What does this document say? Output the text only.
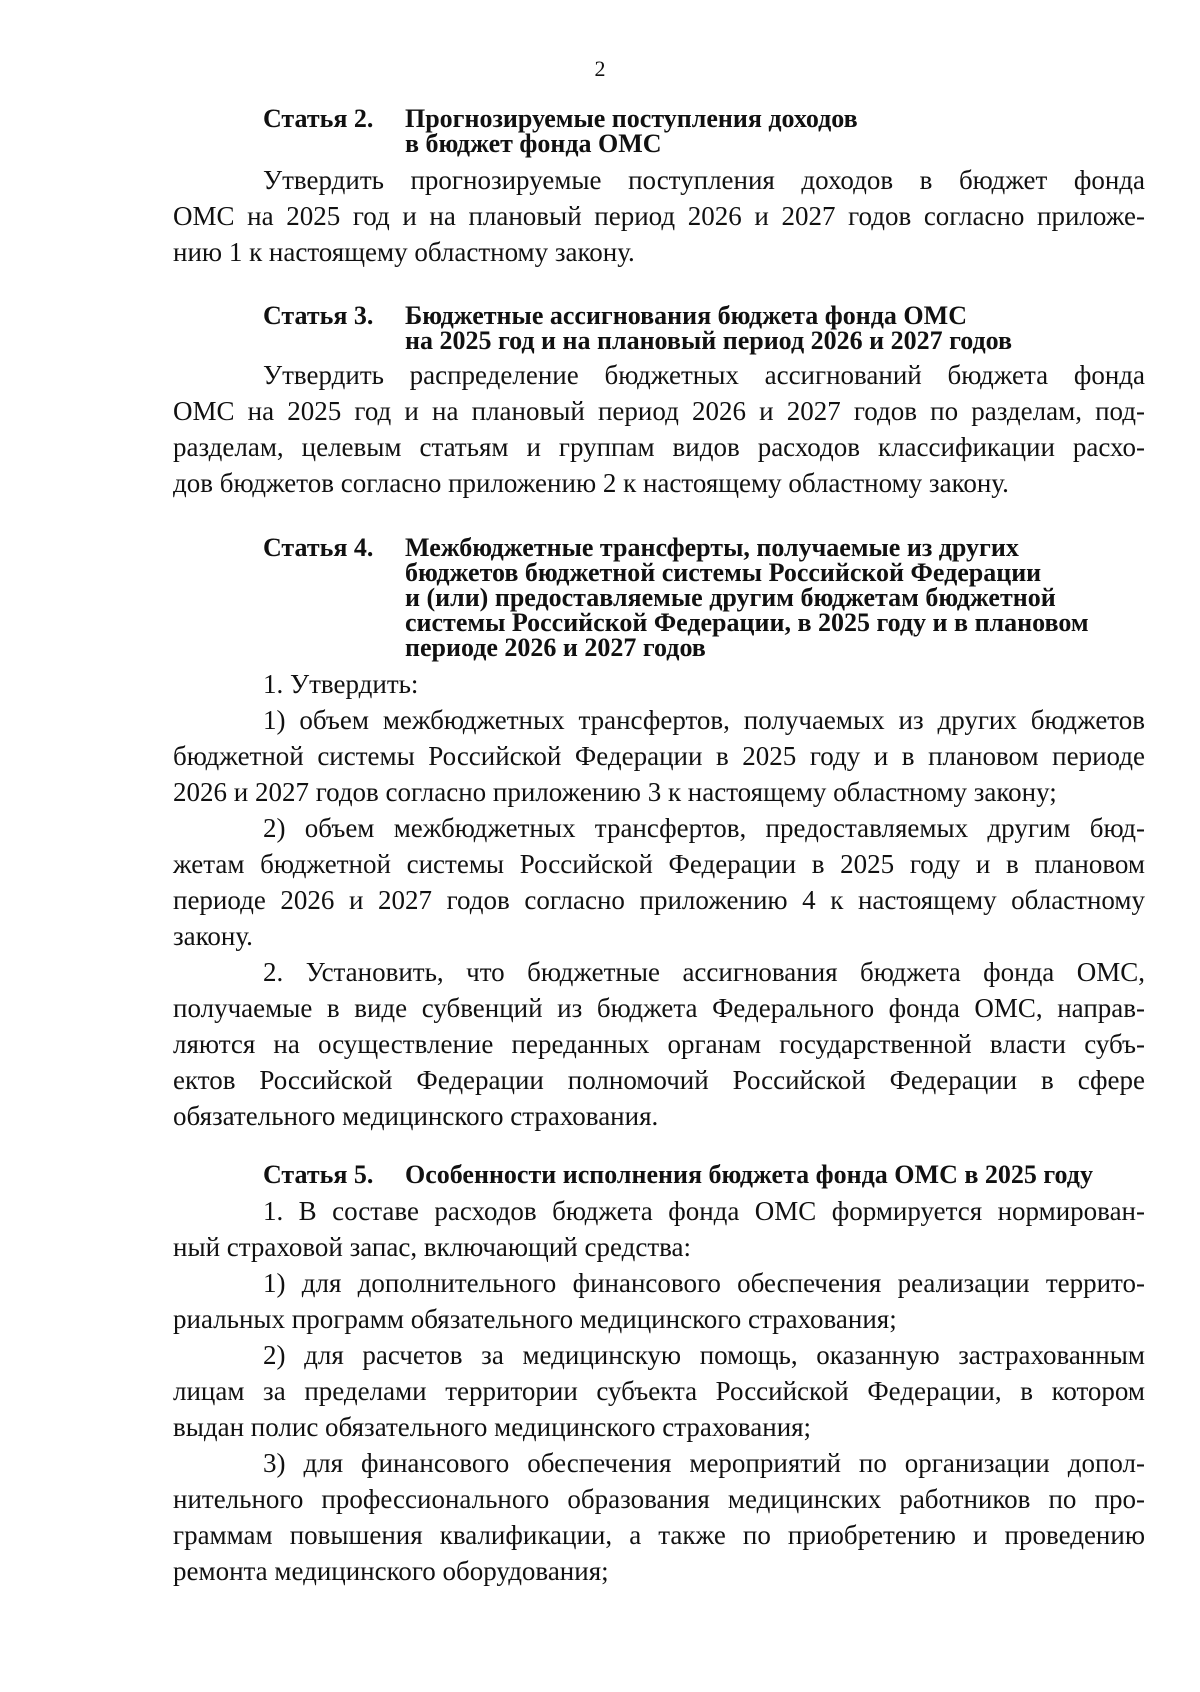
2
Статья 2.	Прогнозируемые поступления доходов
в бюджет фонда ОМС
Утвердить прогнозируемые поступления доходов в бюджет фонда
ОМС на 2025 год и на плановый период 2026 и 2027 годов согласно приложе-
нию 1 к настоящему областному закону.
Статья 3.	Бюджетные ассигнования бюджета фонда ОМС
на 2025 год и на плановый период 2026 и 2027 годов
Утвердить распределение бюджетных ассигнований бюджета фонда
ОМС на 2025 год и на плановый период 2026 и 2027 годов по разделам, под-
разделам, целевым статьям и группам видов расходов классификации расхо-
дов бюджетов согласно приложению 2 к настоящему областному закону.
Статья 4.	Межбюджетные трансферты, получаемые из других
бюджетов бюджетной системы Российской Федерации
и (или) предоставляемые другим бюджетам бюджетной
системы Российской Федерации, в 2025 году и в плановом
периоде 2026 и 2027 годов
1. Утвердить:
1) объем межбюджетных трансфертов, получаемых из других бюджетов
бюджетной системы Российской Федерации в 2025 году и в плановом периоде
2026 и 2027 годов согласно приложению 3 к настоящему областному закону;
2) объем межбюджетных трансфертов, предоставляемых другим бюд-
жетам бюджетной системы Российской Федерации в 2025 году и в плановом
периоде 2026 и 2027 годов согласно приложению 4 к настоящему областному
закону.
2. Установить, что бюджетные ассигнования бюджета фонда ОМС,
получаемые в виде субвенций из бюджета Федерального фонда ОМС, направ-
ляются на осуществление переданных органам государственной власти субъ-
ектов Российской Федерации полномочий Российской Федерации в сфере
обязательного медицинского страхования.
Статья 5.	Особенности исполнения бюджета фонда ОМС в 2025 году
1. В составе расходов бюджета фонда ОМС формируется нормирован-
ный страховой запас, включающий средства:
1) для дополнительного финансового обеспечения реализации террито-
риальных программ обязательного медицинского страхования;
2) для расчетов за медицинскую помощь, оказанную застрахованным
лицам за пределами территории субъекта Российской Федерации, в котором
выдан полис обязательного медицинского страхования;
3) для финансового обеспечения мероприятий по организации допол-
нительного профессионального образования медицинских работников по про-
граммам повышения квалификации, а также по приобретению и проведению
ремонта медицинского оборудования;
